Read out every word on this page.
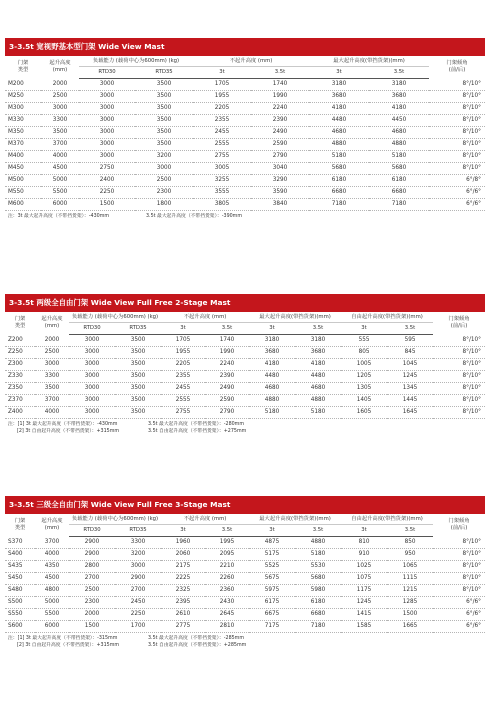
3-3.5t 宽视野基本型门架 Wide View Mast
门架
类型	起升高度
(mm)	负载能力 (载荷中心为600mm) (kg)		不起升高度 (mm)		最大起升高度(带挡货架)(mm)		门架倾角
(前/后)
		RTD30	RTD35	3t	3.5t	3t	3.5t	
M200	2000	3000	3500	1705	1740	3180	3180	8°/10°
M250	2500	3000	3500	1955	1990	3680	3680	8°/10°
M300	3000	3000	3500	2205	2240	4180	4180	8°/10°
M330	3300	3000	3500	2355	2390	4480	4450	8°/10°
M350	3500	3000	3500	2455	2490	4680	4680	8°/10°
M370	3700	3000	3500	2555	2590	4880	4880	8°/10°
M400	4000	3000	3200	2755	2790	5180	5180	8°/10°
M450	4500	2750	3000	3005	3040	5680	5680	8°/10°
M500	5000	2400	2500	3255	3290	6180	6180	6°/8°
M550	5500	2250	2300	3555	3590	6680	6680	6°/6°
M600	6000	1500	1800	3805	3840	7180	7180	6°/6°
注：3t 最大起升高度（不带挡货架）：-430mm	3.5t 最大起升高度（不带挡货架）：-390mm
3-3.5t 两级全自由门架 Wide View Full Free 2-Stage Mast
门架
类型	起升高度
(mm)	负载能力 (载荷中心为600mm) (kg)		不起升高度 (mm)		最大起升高度(带挡货架)(mm)		自由起升高度(带挡货架)(mm)		门架倾角
(前/后)
		RTD30	RTD35	3t	3.5t	3t	3.5t	3t	3.5t	
Z200	2000	3000	3500	1705	1740	3180	3180	555	595	8°/10°
Z250	2500	3000	3500	1955	1990	3680	3680	805	845	8°/10°
Z300	3000	3000	3500	2205	2240	4180	4180	1005	1045	8°/10°
Z330	3300	3000	3500	2355	2390	4480	4480	1205	1245	8°/10°
Z350	3500	3000	3500	2455	2490	4680	4680	1305	1345	8°/10°
Z370	3700	3000	3500	2555	2590	4880	4880	1405	1445	8°/10°
Z400	4000	3000	3500	2755	2790	5180	5180	1605	1645	8°/10°
注：[1] 3t 最大起升高度（不带挡货架）：-430mm	3.5t 最大起升高度（不带挡货架）：-280mm
[2] 3t 自由起升高度（不带挡货架）：+315mm	3.5t 自由起升高度（不带挡货架）：+275mm
3-3.5t 三级全自由门架 Wide View Full Free 3-Stage Mast
门架
类型	起升高度
(mm)	负载能力 (载荷中心为600mm) (kg)		不起升高度 (mm)		最大起升高度(带挡货架)(mm)		自由起升高度(带挡货架)(mm)		门架倾角
(前/后)
		RTD30	RTD35	3t	3.5t	3t	3.5t	3t	3.5t	
S370	3700	2900	3300	1960	1995	4875	4880	810	850	8°/10°
S400	4000	2900	3200	2060	2095	5175	5180	910	950	8°/10°
S435	4350	2800	3000	2175	2210	5525	5530	1025	1065	8°/10°
S450	4500	2700	2900	2225	2260	5675	5680	1075	1115	8°/10°
S480	4800	2500	2700	2325	2360	5975	5980	1175	1215	8°/10°
S500	5000	2300	2450	2395	2430	6175	6180	1245	1285	6°/6°
S550	5500	2000	2250	2610	2645	6675	6680	1415	1500	6°/6°
S600	6000	1500	1700	2775	2810	7175	7180	1585	1665	6°/6°
注：[1] 3t 最大起升高度（不带挡货架）：-315mm	3.5t 最大起升高度（不带挡货架）：-285mm
[2] 3t 自由起升高度（不带挡货架）：+315mm	3.5t 自由起升高度（不带挡货架）：+285mm
